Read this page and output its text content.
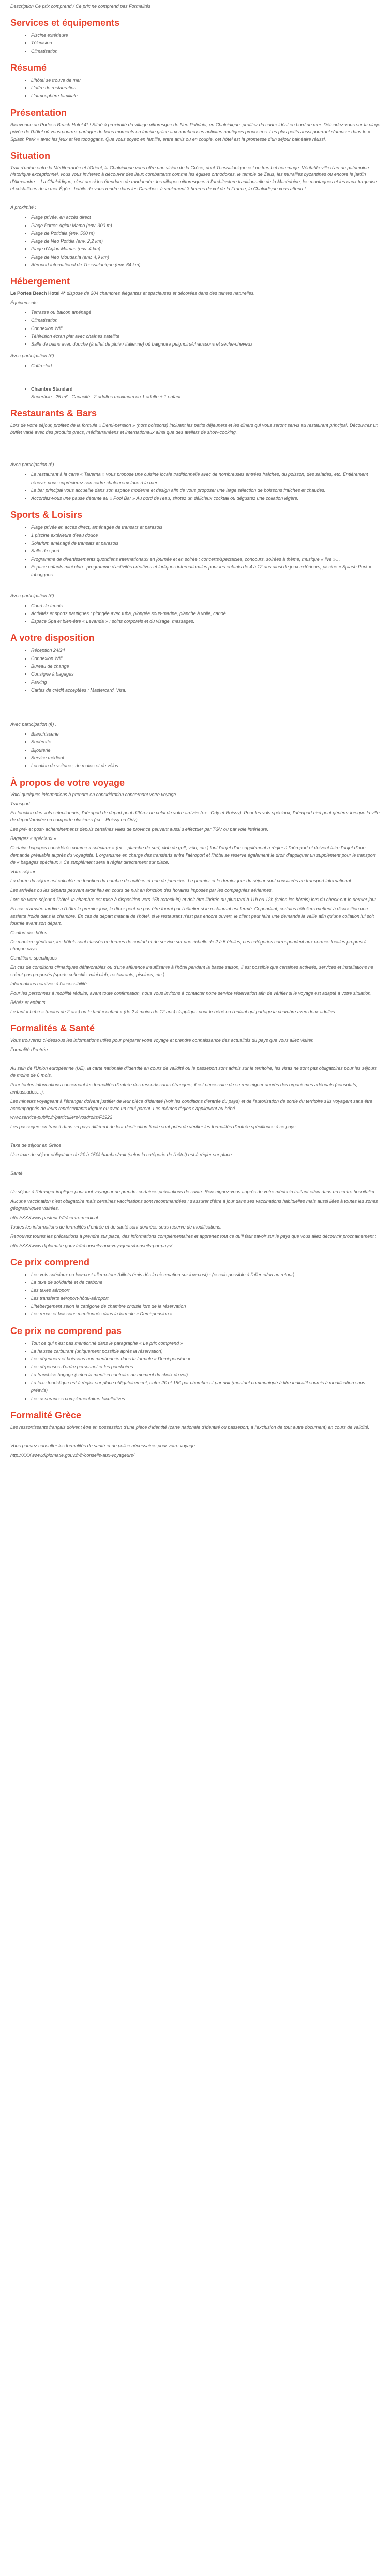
Description Ce prix comprend / Ce prix ne comprend pas Formalités

Services et équipements
• Piscine extérieure
• Télévision
• Climatisation
Résumé
• L'hôtel se trouve de mer
• L'offre de restauration
• L'atmosphère familiale
Présentation

Bienvenue au Porfess Beach Hotel 4* ! Situé à proximité du village pittoresque de Neo Potidaia, en Chalcidique, profitez du cadre idéal en bord de mer. Détendez-vous sur la plage privée de l'hôtel où vous pourrez partager de bons moments en famille grâce aux nombreuses activités nautiques proposées. Les plus petits aussi pourront s'amuser dans le « Splash Park » avec les jeux et les toboggans. Que vous soyez en famille, entre amis ou en couple, cet hôtel est la promesse d'un séjour balnéaire réussi.

Situation

Trait d'union entre la Méditerranée et l'Orient, la Chalcidique vous offre une vision de la Grèce, dont Thessalonique est un très bel hommage. Véritable ville d'art au patrimoine historique exceptionnel, vous vous inviterez à découvrir des lieux combattants comme les églises orthodoxes, le temple de Zeus, les murailles byzantines ou encore le jardin d'Alexandre… La Chalcidique, c'est aussi les étendues de randonnée, les villages pittoresques à l'architecture traditionnelle de la Macédoine, les montagnes et les eaux turquoise et cristallines de la mer Égée : habile de vous rendre dans les Caraïbes, à seulement 3 heures de vol de la France, la Chalcidique vous attend !

À proximité :

• Plage privée, en accès direct
• Plage Portes Aglou Mamo (env. 300 m)
• Plage de Potidaia (env. 500 m)
• Plage de Neo Potidia (env. 2,2 km)
• Plage d'Aglou Mamas (env. 4 km)
• Plage de Neo Moudania (env. 4,9 km)
• Aéroport international de Thessalonique (env. 64 km)
Hébergement

Le Portes Beach Hotel 4* dispose de 204 chambres élégantes et spacieuses et décorées dans des teintes naturelles.

Équipements :

• Terrasse ou balcon aménagé
• Climatisation
• Connexion Wifi
• Télévision écran plat avec chaînes satellite
• Salle de bains avec douche (à effet de pluie / italienne) où baignoire peignoirs/chaussons et sèche-cheveux

Avec participation (€) :

• Coffre-fort
• Chambre Standard
Superficie : 25 m² · Capacité : 2 adultes maximum ou 1 adulte + 1 enfant
Restaurants & Bars

Lors de votre séjour, profitez de la formule « Demi-pension » (hors boissons) incluant les petits déjeuners et les diners qui vous seront servis au restaurant principal. Découvrez un buffet varié avec des produits grecs, méditerranéens et internationaux ainsi que des ateliers de show-cooking.

Avec participation (€) :

• Le restaurant à la carte « Taverna » vous propose une cuisine locale traditionnelle avec de nombreuses entrées fraîches, du poisson, des salades, etc. Entièrement rénové, vous apprécierez son cadre chaleureux face à la mer.
• Le bar principal vous accueille dans son espace moderne et design afin de vous proposer une large sélection de boissons fraîches et chaudes.
• Accordez-vous une pause détente au « Pool Bar » Au bord de l'eau, sirotez un délicieux cocktail ou dégustez une collation légère.
Sports & Loisirs
• Plage privée en accès direct, aménagée de transats et parasols
• 1 piscine extérieure d'eau douce
• Solarium aménagé de transats et parasols
• Salle de sport
• Programme de divertissements quotidiens internationaux en journée et en soirée : concerts/spectacles, concours, soirées à thème, musique « live »…
• Espace enfants mini club : programme d'activités créatives et ludiques internationales pour les enfants de 4 à 12 ans ainsi de jeux extérieurs, piscine « Splash Park » toboggans…

Avec participation (€) :

• Court de tennis
• Activités et sports nautiques : plongée avec tuba, plongée sous-marine, planche à voile, canoë…
• Espace Spa et bien-être « Levanda » : soins corporels et du visage, massages.
A votre disposition
• Réception 24/24
• Connexion Wifi
• Bureau de change
• Consigne à bagages
• Parking
• Cartes de crédit acceptées : Mastercard, Visa.

Avec participation (€) :

• Blanchisserie
• Supérette
• Bijouterie
• Service médical
• Location de voitures, de motos et de vélos.
À propos de votre voyage

Voici quelques informations à prendre en considération concernant votre voyage.

Transport

En fonction des vols sélectionnés, l'aéroport de départ peut différer de celui de votre arrivée (ex : Orly et Roissy). Pour les vols spéciaux, l'aéroport réel peut générer lorsque la ville de départ/arrivée en comporte plusieurs (ex. : Roissy ou Orly).

Les pré- et post- acheminements depuis certaines villes de province peuvent aussi s'effectuer par TGV ou par voie intérieure.

Bagages « spéciaux »

Certains bagages considérés comme « spéciaux » (ex. : planche de surf, club de golf, vélo, etc.) font l'objet d'un supplément à régler à l'aéroport et doivent faire l'objet d'une demande préalable auprès du voyagiste. L'organisme en charge des transferts entre l'aéroport et l'hôtel se réserve également le droit d'appliquer un supplément pour le transport de « bagages spéciaux » Ce supplément sera à régler directement sur place.

Votre séjour

La durée du séjour est calculée en fonction du nombre de nuitées et non de journées. Le premier et le dernier jour du séjour sont consacrés au transport international.

Les arrivées ou les départs peuvent avoir lieu en cours de nuit en fonction des horaires imposés par les compagnies aériennes.

Lors de votre séjour à l'hôtel, la chambre est mise à disposition vers 15h (check-in) et doit être libérée au plus tard à 11h ou 12h (selon les hôtels) lors du check-out le dernier jour.

En cas d'arrivée tardive à l'hôtel le premier jour, le dîner peut ne pas être fourni par l'hôtelier si le restaurant est fermé. Cependant, certains hôteliers mettent à disposition une assiette froide dans la chambre. En cas de départ matinal de l'hôtel, si le restaurant n'est pas encore ouvert, le client peut faire une demande la veille afin qu'une collation lui soit fournie avant son départ.

Confort des hôtes

De manière générale, les hôtels sont classés en termes de confort et de service sur une échelle de 2 à 5 étoiles, ces catégories correspondent aux normes locales propres à chaque pays.

Conditions spécifiques

En cas de conditions climatiques défavorables ou d'une affluence insuffisante à l'hôtel pendant la basse saison, il est possible que certaines activités, services et installations ne soient pas proposés (sports collectifs, mini club, restaurants, piscines, etc.).

Informations relatives à l'accessibilité

Pour les personnes à mobilité réduite, avant toute confirmation, nous vous invitons à contacter notre service réservation afin de vérifier si le voyage est adapté à votre situation.

Bébés et enfants

Le tarif « bébé » (moins de 2 ans) ou le tarif « enfant » (de 2 à moins de 12 ans) s'applique pour le bébé ou l'enfant qui partage la chambre avec deux adultes.

Formalités & Santé

Vous trouverez ci-dessous les informations utiles pour préparer votre voyage et prendre connaissance des actualités du pays que vous allez visiter.

Formalité d'entrée

Au sein de l'Union européenne (UE), la carte nationale d'identité en cours de validité ou le passeport sont admis sur le territoire, les visas ne sont pas obligatoires pour les séjours de moins de 6 mois.

Pour toutes informations concernant les formalités d'entrée des ressortissants étrangers, il est nécessaire de se renseigner auprès des organismes adéquats (consulats, ambassades…).

Les mineurs voyageant à l'étranger doivent justifier de leur pièce d'identité (voir les conditions d'entrée du pays) et de l'autorisation de sortie du territoire s'ils voyagent sans être accompagnés de leurs représentants légaux ou avec un seul parent. Les mêmes règles s'appliquent au bébé.

www.service-public.fr/particuliers/vosdroits/F1922

Les passagers en transit dans un pays différent de leur destination finale sont priés de vérifier les formalités d'entrée spécifiques à ce pays.

Taxe de séjour en Grèce

Une taxe de séjour obligatoire de 2€ à 15€/chambre/nuit (selon la catégorie de l'hôtel) est à régler sur place.

Santé

Un séjour à l'étranger implique pour tout voyageur de prendre certaines précautions de santé. Renseignez-vous auprès de votre médecin traitant et/ou dans un centre hospitalier.

Aucune vaccination n'est obligatoire mais certaines vaccinations sont recommandées : s'assurer d'être à jour dans ses vaccinations habituelles mais aussi liées à toutes les zones géographiques visitées.

http://XXXwww.pasteur.fr/fr/centre-medical

Toutes les informations de formalités d'entrée et de santé sont données sous réserve de modifications.

Retrouvez toutes les précautions à prendre sur place, des informations complémentaires et apprenez tout ce qu'il faut savoir sur le pays que vous allez découvrir prochainement :

http://XXXwww.diplomatie.gouv.fr/fr/conseils-aux-voyageurs/conseils-par-pays/

Ce prix comprend
• Les vols spéciaux ou low-cost aller-retour (billets émis dès la réservation sur low-cost) - (escale possible à l'aller et/ou au retour)
• La taxe de solidarité et de carbone
• Les taxes aéroport
• Les transferts aéroport-hôtel-aéroport
• L'hébergement selon la catégorie de chambre choisie lors de la réservation
• Les repas et boissons mentionnés dans la formule « Demi-pension ».
Ce prix ne comprend pas
• Tout ce qui n'est pas mentionné dans le paragraphe « Le prix comprend »
• La hausse carburant (uniquement possible après la réservation)
• Les déjeuners et boissons non mentionnés dans la formule « Demi-pension »
• Les dépenses d'ordre personnel et les pourboires
• La franchise bagage (selon la mention contraire au moment du choix du vol)
• La taxe touristique est à régler sur place obligatoirement, entre 2€ et 15€ par chambre et par nuit (montant communiqué à titre indicatif soumis à modification sans préavis)
• Les assurances complémentaires facultatives.
Formalité Grèce

Les ressortissants français doivent être en possession d'une pièce d'identité (carte nationale d'identité ou passeport, à l'exclusion de tout autre document) en cours de validité.

Vous pouvez consulter les formalités de santé et de police nécessaires pour votre voyage :

http://XXXwww.diplomatie.gouv.fr/fr/conseils-aux-voyageurs/
